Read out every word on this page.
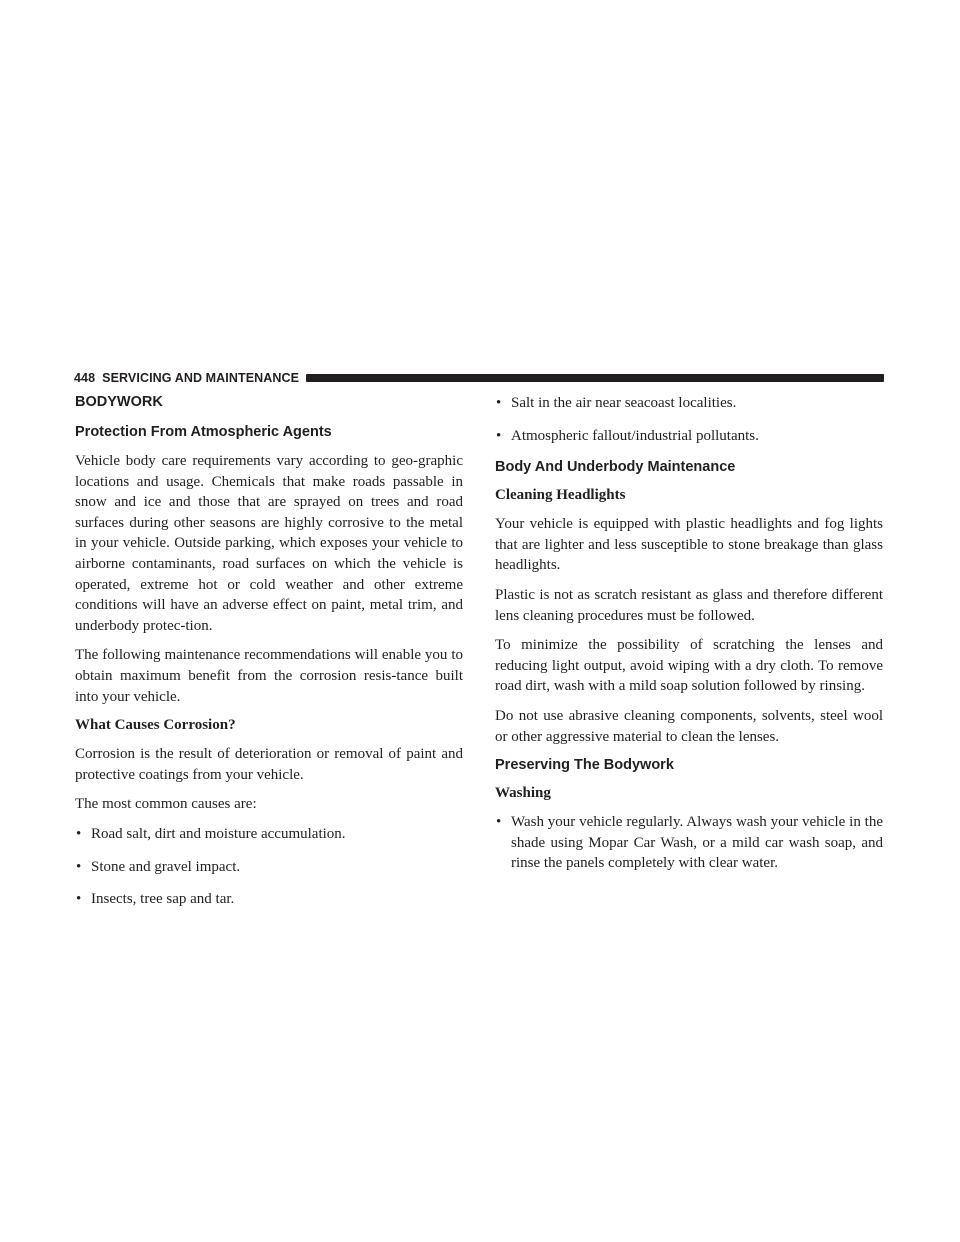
448 SERVICING AND MAINTENANCE
BODYWORK
Protection From Atmospheric Agents

Vehicle body care requirements vary according to geo-graphic locations and usage. Chemicals that make roads passable in snow and ice and those that are sprayed on trees and road surfaces during other seasons are highly corrosive to the metal in your vehicle. Outside parking, which exposes your vehicle to airborne contaminants, road surfaces on which the vehicle is operated, extreme hot or cold weather and other extreme conditions will have an adverse effect on paint, metal trim, and underbody protec-tion.

The following maintenance recommendations will enable you to obtain maximum benefit from the corrosion resis-tance built into your vehicle.

What Causes Corrosion?

Corrosion is the result of deterioration or removal of paint and protective coatings from your vehicle.

The most common causes are:

• Road salt, dirt and moisture accumulation.
• Stone and gravel impact.
• Insects, tree sap and tar.
• Salt in the air near seacoast localities.
• Atmospheric fallout/industrial pollutants.
Body And Underbody Maintenance
Cleaning Headlights

Your vehicle is equipped with plastic headlights and fog lights that are lighter and less susceptible to stone breakage than glass headlights.

Plastic is not as scratch resistant as glass and therefore different lens cleaning procedures must be followed.

To minimize the possibility of scratching the lenses and reducing light output, avoid wiping with a dry cloth. To remove road dirt, wash with a mild soap solution followed by rinsing.

Do not use abrasive cleaning components, solvents, steel wool or other aggressive material to clean the lenses.

Preserving The Bodywork
Washing
• Wash your vehicle regularly. Always wash your vehicle in the shade using Mopar Car Wash, or a mild car wash soap, and rinse the panels completely with clear water.
